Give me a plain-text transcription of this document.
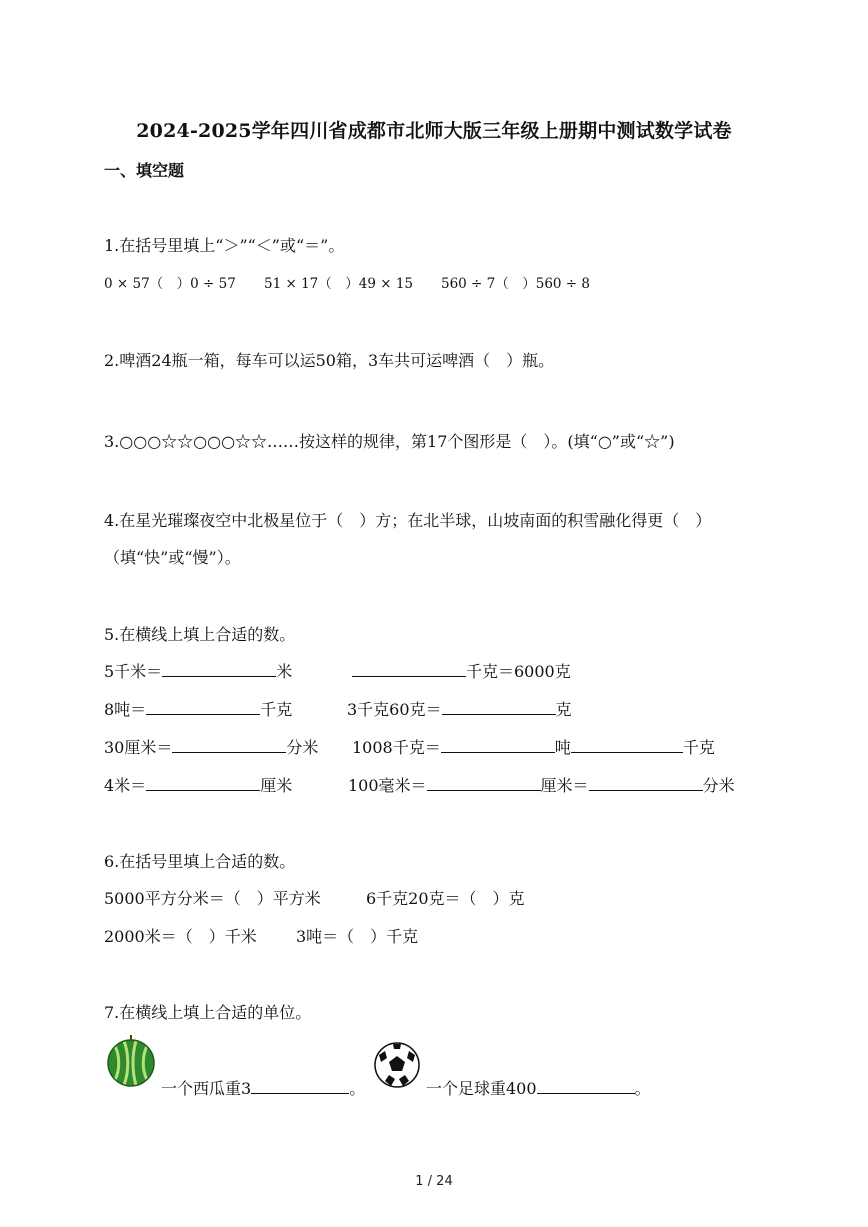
2024-2025学年四川省成都市北师大版三年级上册期中测试数学试卷
一、填空题
1.在括号里填上“＞”“＜”或“＝”。
0 × 57（　）0 ÷ 57 51 × 17（　）49 × 15 560 ÷ 7（　）560 ÷ 8
2.啤酒24瓶一箱，每车可以运50箱，3车共可运啤酒（　）瓶。
3.○○○☆☆○○○☆☆……按这样的规律，第17个图形是（　）。(填“○”或“☆”)
4.在星光璀璨夜空中北极星位于（　）方；在北半球，山坡南面的积雪融化得更（　）
（填“快”或“慢”）。
5.在横线上填上合适的数。
5千米＝	米	千克＝6000克
8吨＝	千克	3千克60克＝	克
30厘米＝	分米 1008千克＝	吨	千克
4米＝	厘米	100毫米＝	厘米＝	分米
6.在括号里填上合适的数。
5000平方分米＝（　）平方米	6千克20克＝（　）克
2000米＝（　）千米 3吨＝（　）千克
7.在横线上填上合适的单位。
一个西瓜重3	。	一个足球重400	。
1 / 24
